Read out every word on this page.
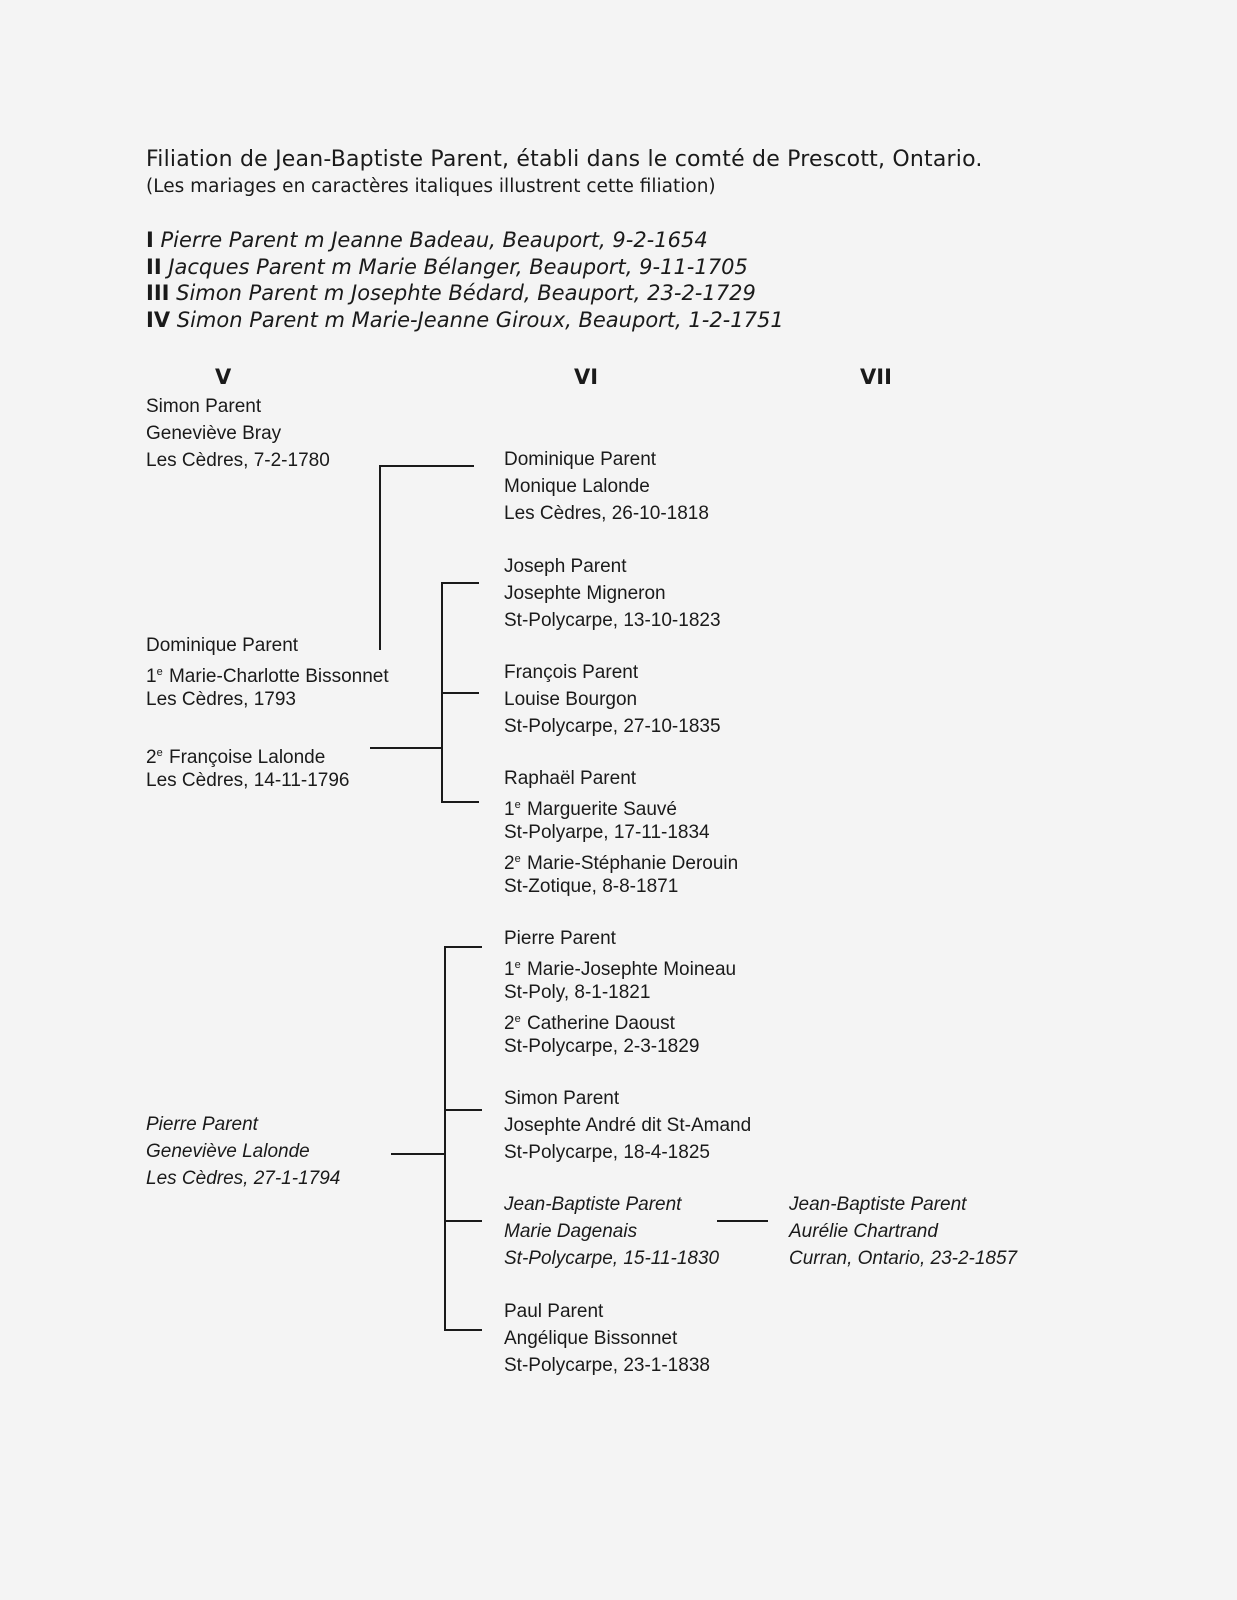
Filiation de Jean-Baptiste Parent, établi dans le comté de Prescott, Ontario.
(Les mariages en caractères italiques illustrent cette filiation)
I Pierre Parent m Jeanne Badeau, Beauport, 9-2-1654
II Jacques Parent m Marie Bélanger, Beauport, 9-11-1705
III Simon Parent m Josephte Bédard, Beauport, 23-2-1729
IV Simon Parent m Marie-Jeanne Giroux, Beauport, 1-2-1751
V	VI	VII
Simon Parent
Geneviève Bray
Les Cèdres, 7-2-1780
Dominique Parent
1e Marie-Charlotte Bissonnet
Les Cèdres, 1793
2e Françoise Lalonde
Les Cèdres, 14-11-1796
Pierre Parent
Geneviève Lalonde
Les Cèdres, 27-1-1794
Dominique Parent
Monique Lalonde
Les Cèdres, 26-10-1818
Joseph Parent
Josephte Migneron
St-Polycarpe, 13-10-1823
François Parent
Louise Bourgon
St-Polycarpe, 27-10-1835
Raphaël Parent
1e Marguerite Sauvé
St-Polyarpe, 17-11-1834
2e Marie-Stéphanie Derouin
St-Zotique, 8-8-1871
Pierre Parent
1e Marie-Josephte Moineau
St-Poly, 8-1-1821
2e Catherine Daoust
St-Polycarpe, 2-3-1829
Simon Parent
Josephte André dit St-Amand
St-Polycarpe, 18-4-1825
Jean-Baptiste Parent
Marie Dagenais
St-Polycarpe, 15-11-1830
Paul Parent
Angélique Bissonnet
St-Polycarpe, 23-1-1838
Jean-Baptiste Parent
Aurélie Chartrand
Curran, Ontario, 23-2-1857
